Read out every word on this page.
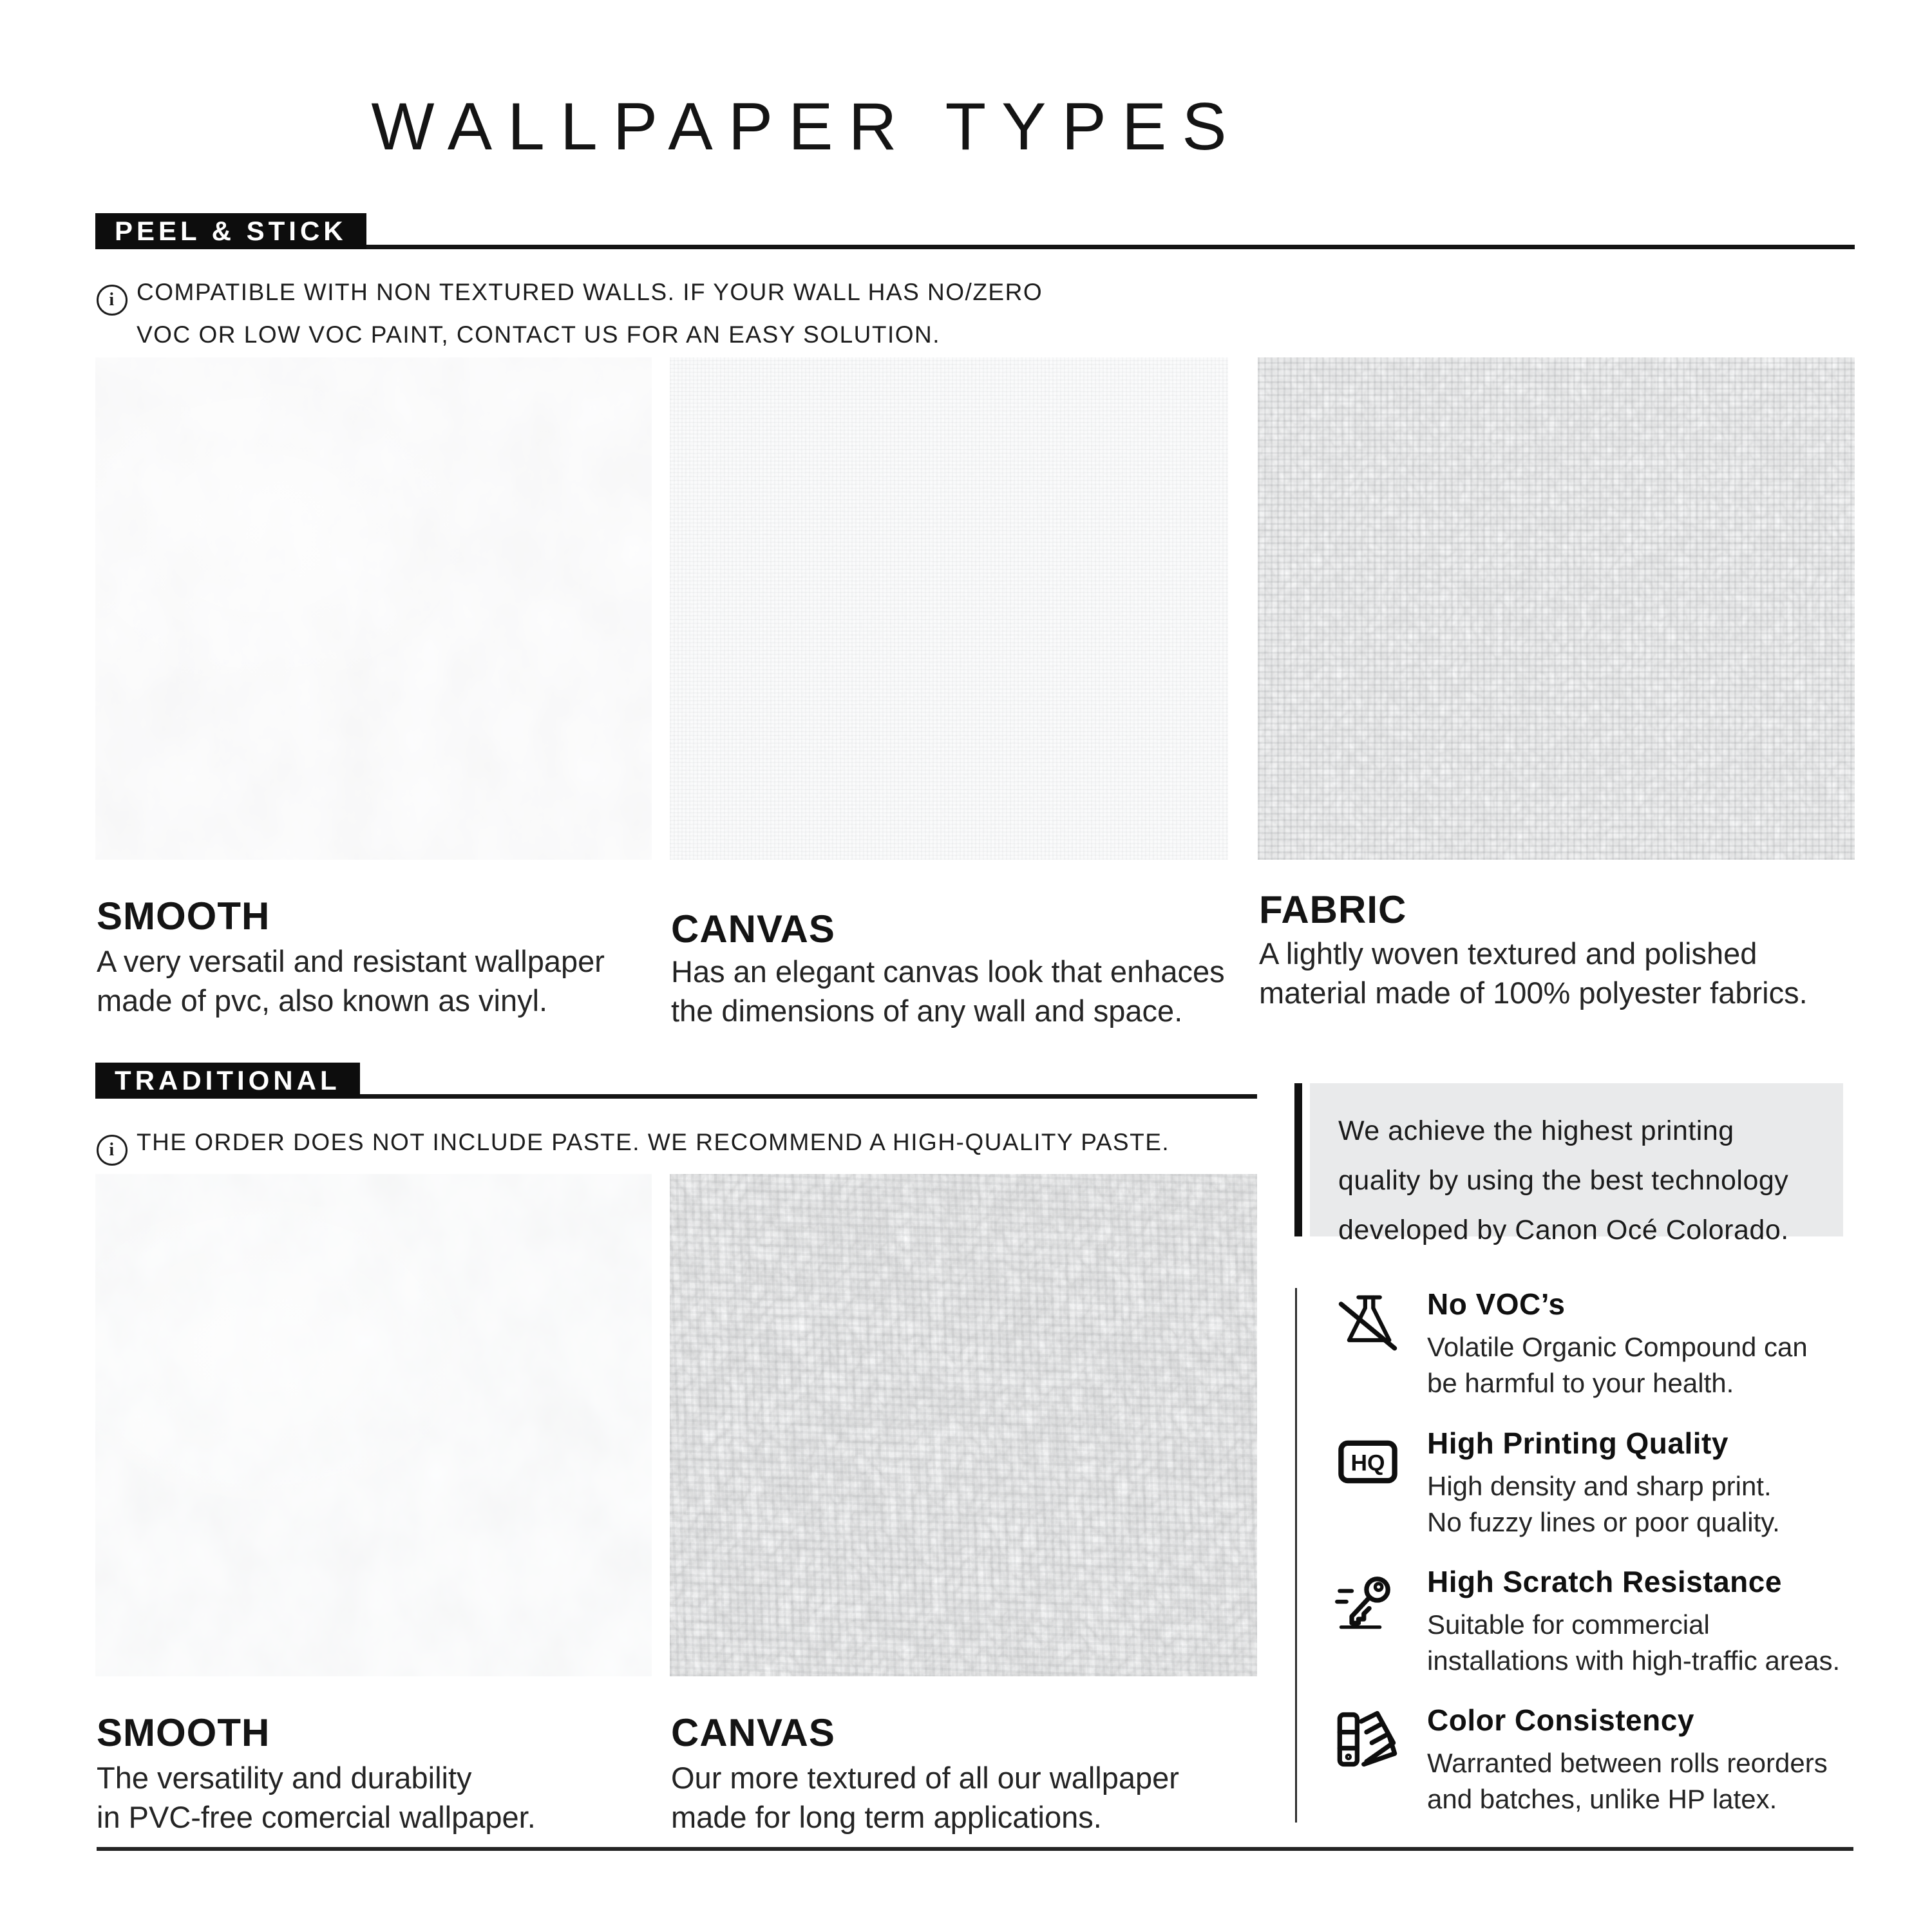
WALLPAPER TYPES
PEEL & STICK
i COMPATIBLE WITH NON TEXTURED WALLS. IF YOUR WALL HAS NO/ZERO
VOC OR LOW VOC PAINT, CONTACT US FOR AN EASY SOLUTION.
SMOOTH
A very versatil and resistant wallpaper
made of pvc, also known as vinyl.
CANVAS
Has an elegant canvas look that enhaces
the dimensions of any wall and space.
FABRIC
A lightly woven textured and polished
material made of 100% polyester fabrics.
TRADITIONAL
i THE ORDER DOES NOT INCLUDE PASTE. WE RECOMMEND A HIGH-QUALITY PASTE.
SMOOTH
The versatility and durability
in PVC-free comercial wallpaper.
CANVAS
Our more textured of all our wallpaper
made for long term applications.
We achieve the highest printing
quality by using the best technology
developed by Canon Océ Colorado.
No VOC’s
Volatile Organic Compound can
be harmful to your health.
HQ
High Printing Quality
High density and sharp print.
No fuzzy lines or poor quality.
High Scratch Resistance
Suitable for commercial
installations with high-traffic areas.
Color Consistency
Warranted between rolls reorders
and batches, unlike HP latex.
